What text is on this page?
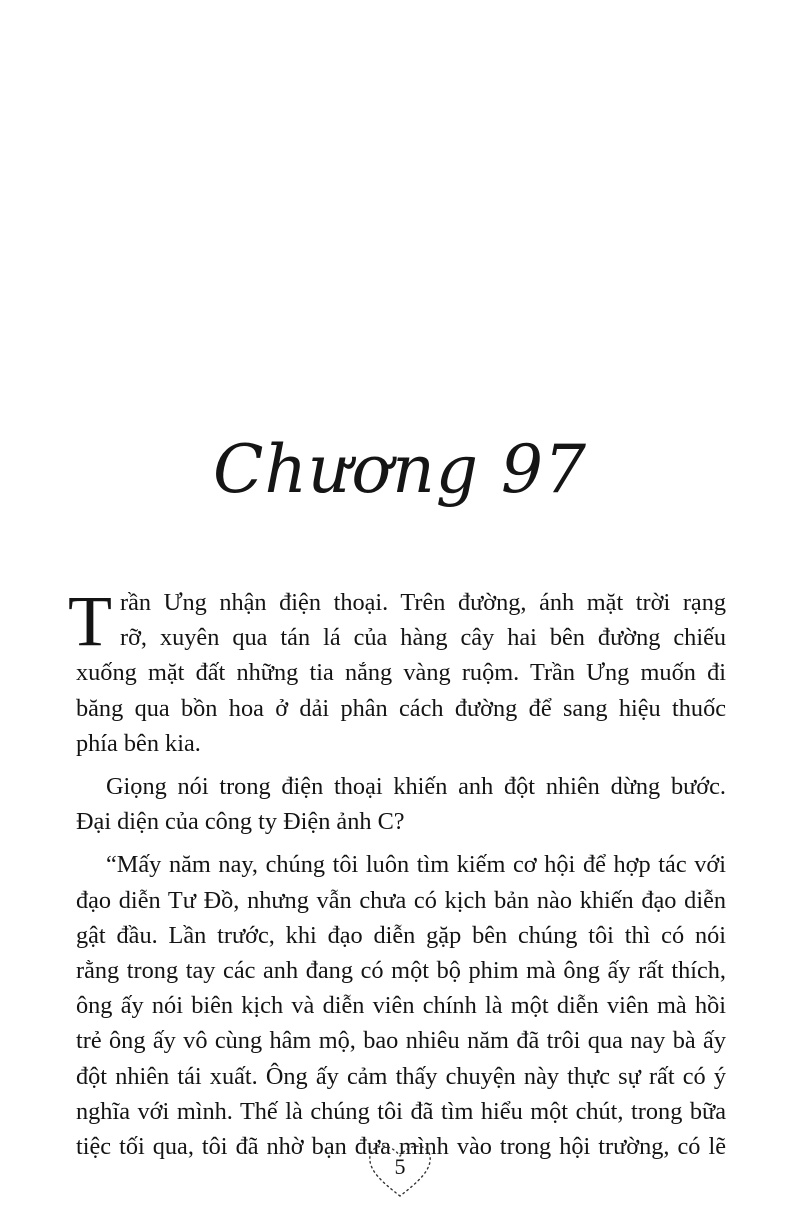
Chương 97
T rần Ưng nhận điện thoại. Trên đường, ánh mặt trời rạng
rỡ, xuyên qua tán lá của hàng cây hai bên đường chiếu
xuống mặt đất những tia nắng vàng ruộm. Trần Ưng muốn đi
băng qua bồn hoa ở dải phân cách đường để sang hiệu thuốc
phía bên kia.
Giọng nói trong điện thoại khiến anh đột nhiên dừng bước.
Đại diện của công ty Điện ảnh C?
“Mấy năm nay, chúng tôi luôn tìm kiếm cơ hội để hợp tác với
đạo diễn Tư Đồ, nhưng vẫn chưa có kịch bản nào khiến đạo diễn
gật đầu. Lần trước, khi đạo diễn gặp bên chúng tôi thì có nói
rằng trong tay các anh đang có một bộ phim mà ông ấy rất thích,
ông ấy nói biên kịch và diễn viên chính là một diễn viên mà hồi
trẻ ông ấy vô cùng hâm mộ, bao nhiêu năm đã trôi qua nay bà ấy
đột nhiên tái xuất. Ông ấy cảm thấy chuyện này thực sự rất có ý
nghĩa với mình. Thế là chúng tôi đã tìm hiểu một chút, trong bữa
tiệc tối qua, tôi đã nhờ bạn đưa mình vào trong hội trường, có lẽ
5
